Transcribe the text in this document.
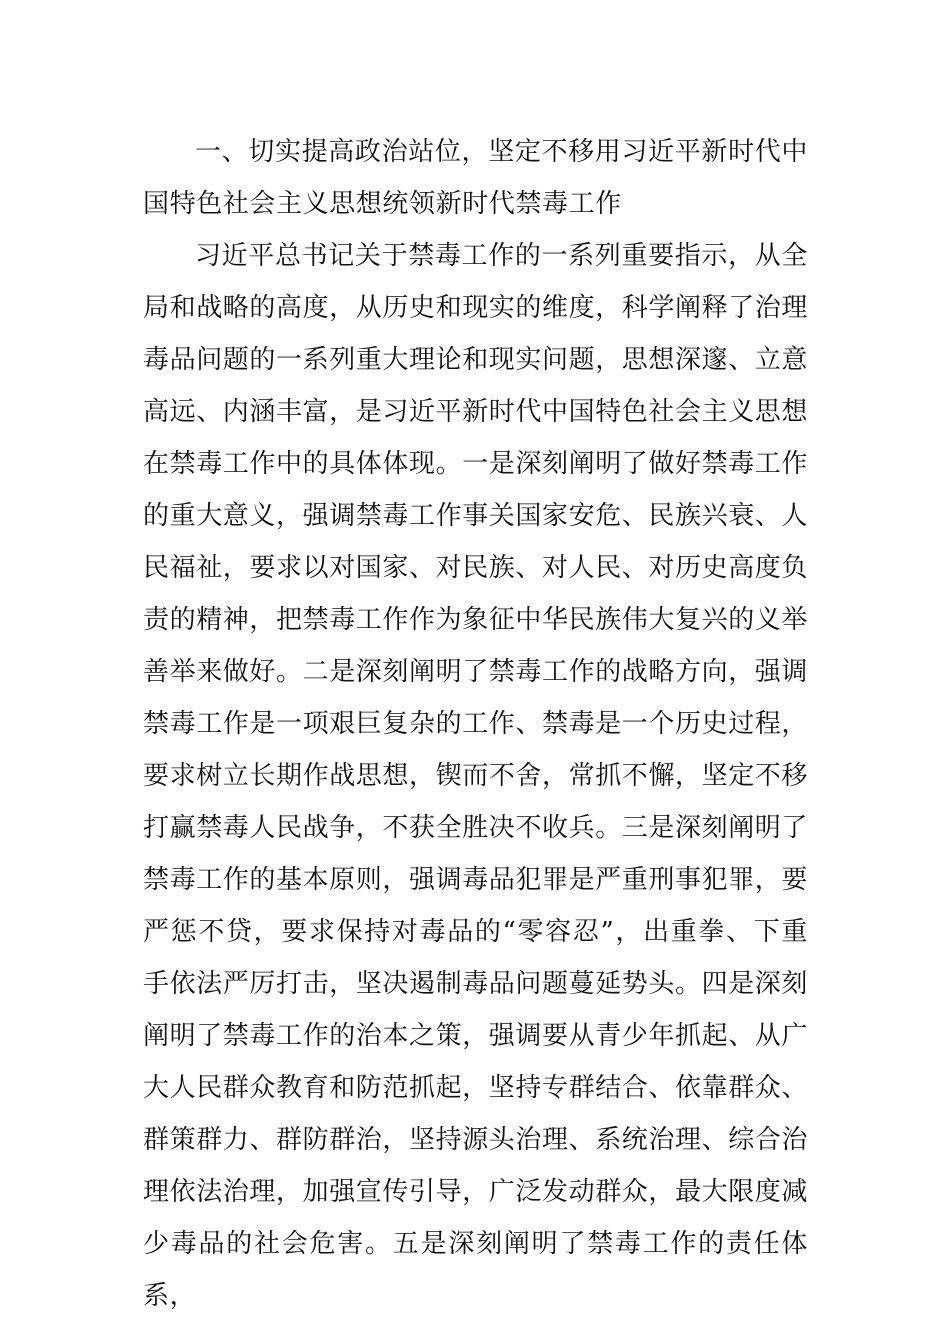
一、切实提高政治站位，坚定不移用习近平新时代中国特色社会主义思想统领新时代禁毒工作

习近平总书记关于禁毒工作的一系列重要指示，从全局和战略的高度，从历史和现实的维度，科学阐释了治理毒品问题的一系列重大理论和现实问题，思想深邃、立意高远、内涵丰富，是习近平新时代中国特色社会主义思想在禁毒工作中的具体体现。一是深刻阐明了做好禁毒工作的重大意义，强调禁毒工作事关国家安危、民族兴衰、人民福祉，要求以对国家、对民族、对人民、对历史高度负责的精神，把禁毒工作作为象征中华民族伟大复兴的义举善举来做好。二是深刻阐明了禁毒工作的战略方向，强调禁毒工作是一项艰巨复杂的工作、禁毒是一个历史过程，要求树立长期作战思想，锲而不舍，常抓不懈，坚定不移打赢禁毒人民战争，不获全胜决不收兵。三是深刻阐明了禁毒工作的基本原则，强调毒品犯罪是严重刑事犯罪，要严惩不贷，要求保持对毒品的“零容忍”，出重拳、下重手依法严厉打击，坚决遏制毒品问题蔓延势头。四是深刻阐明了禁毒工作的治本之策，强调要从青少年抓起、从广大人民群众教育和防范抓起，坚持专群结合、依靠群众、群策群力、群防群治，坚持源头治理、系统治理、综合治理依法治理，加强宣传引导，广泛发动群众，最大限度减少毒品的社会危害。五是深刻阐明了禁毒工作的责任体系，
